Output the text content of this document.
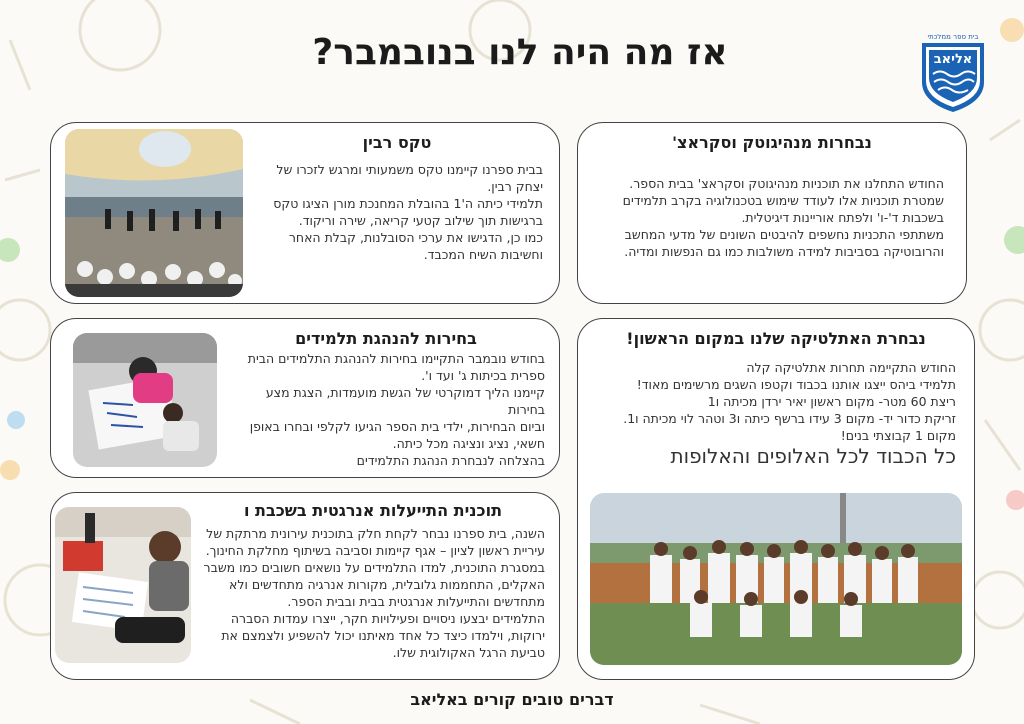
אז מה היה לנו בנובמבר?	בית ספר ממלכתי
אליאב
נבחרות מנהיגוטק וסקראצ'

החודש התחלנו את תוכניות מנהיגוטק וסקראצ' בבית הספר.

שמטרת תוכניות אלו לעודד שימוש בטכנולוגיה בקרב תלמידים בשכבות ד'-ו' ולפתח אוריינות דיגיטלית.

משתתפי התכניות נחשפים להיבטים השונים של מדעי המחשב והרובוטיקה בסביבות למידה משולבות כמו גם הנפשות ומדיה.

טקס רבין

בבית ספרנו קיימנו טקס משמעותי ומרגש לזכרו של יצחק רבין.

תלמידי כיתה ה'1 בהובלת המחנכת מורן הציגו טקס ברגישות תוך שילוב קטעי קריאה, שירה וריקוד.

כמו כן, הדגישו את ערכי הסובלנות, קבלת האחר וחשיבות השיח המכבד.

נבחרת האתלטיקה שלנו במקום הראשון!

החודש התקיימה תחרות אתלטיקה קלה

תלמידי ביהס ייצגו אותנו בכבוד וקטפו השגים מרשימים מאוד!

ריצת 60 מטר- מקום ראשון יאיר ירדן מכיתה ו1

זריקת כדור יד- מקום 3 עידו ברשף כיתה ו3 וטהר לוי מכיתה ו1.

מקום 1 קבוצתי בנים!

כל הכבוד לכל האלופים והאלופות
בחירות להנהגת תלמידים

בחודש נובמבר התקיימו בחירות להנהגת התלמידים הבית ספרית בכיתות ג' ועד ו'.

קיימנו הליך דמוקרטי של הגשת מועמדות, הצגת מצע בחירות

וביום הבחירות, ילדי בית הספר הגיעו לקלפי ובחרו באופן חשאי, נציג ונציגה מכל כיתה.

בהצלחה לנבחרת הנהגת התלמידים

תוכנית התייעלות אנרגטית בשכבת ו

השנה, בית ספרנו נבחר לקחת חלק בתוכנית עירונית מרתקת של עיריית ראשון לציון – אגף קיימות וסביבה בשיתוף מחלקת החינוך. במסגרת התוכנית, למדו התלמידים על נושאים חשובים כמו משבר האקלים, התחממות גלובלית, מקורות אנרגיה מתחדשים ולא מתחדשים והתייעלות אנרגטית בבית ובבית הספר.

התלמידים יבצעו ניסויים ופעילויות חקר, ייצרו עמדות הסברה ירוקות, וילמדו כיצד כל אחד מאיתנו יכול להשפיע ולצמצם את טביעת הרגל האקולוגית שלו.

דברים טובים קורים באליאב
